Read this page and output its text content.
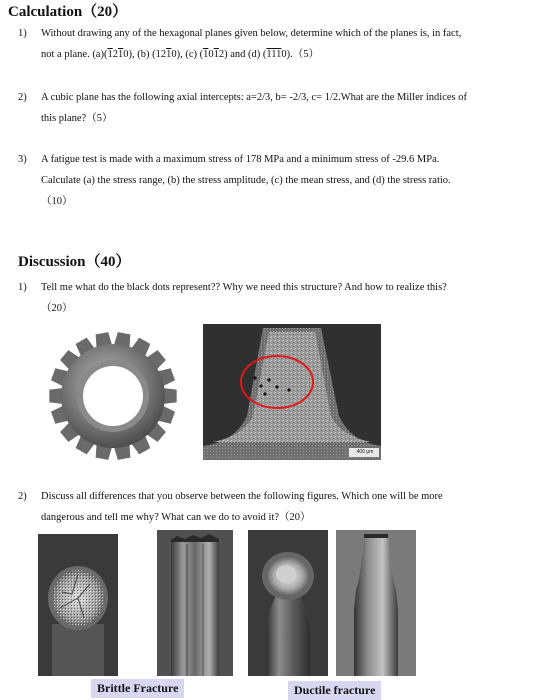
Calculation（20）
1) Without drawing any of the hexagonal planes given below, determine which of the planes is, in fact,
not a plane. (a)(1210), (b) (1210), (c) (1012) and (d) (1110).（5）
2) A cubic plane has the following axial intercepts: a=2/3, b= -2/3, c= 1/2.What are the Miller indices of
this plane?（5）
3) A fatigue test is made with a maximum stress of 178 MPa and a minimum stress of -29.6 MPa.
Calculate (a) the stress range, (b) the stress amplitude, (c) the mean stress, and (d) the stress ratio.
（10）
Discussion（40）
1) Tell me what do the black dots represent?? Why we need this structure? And how to realize this?
（20）
400 μm
2) Discuss all differences that you observe between the following figures. Which one will be more
dangerous and tell me why? What can we do to avoid it?（20）
Brittle Fracture	Ductile fracture
